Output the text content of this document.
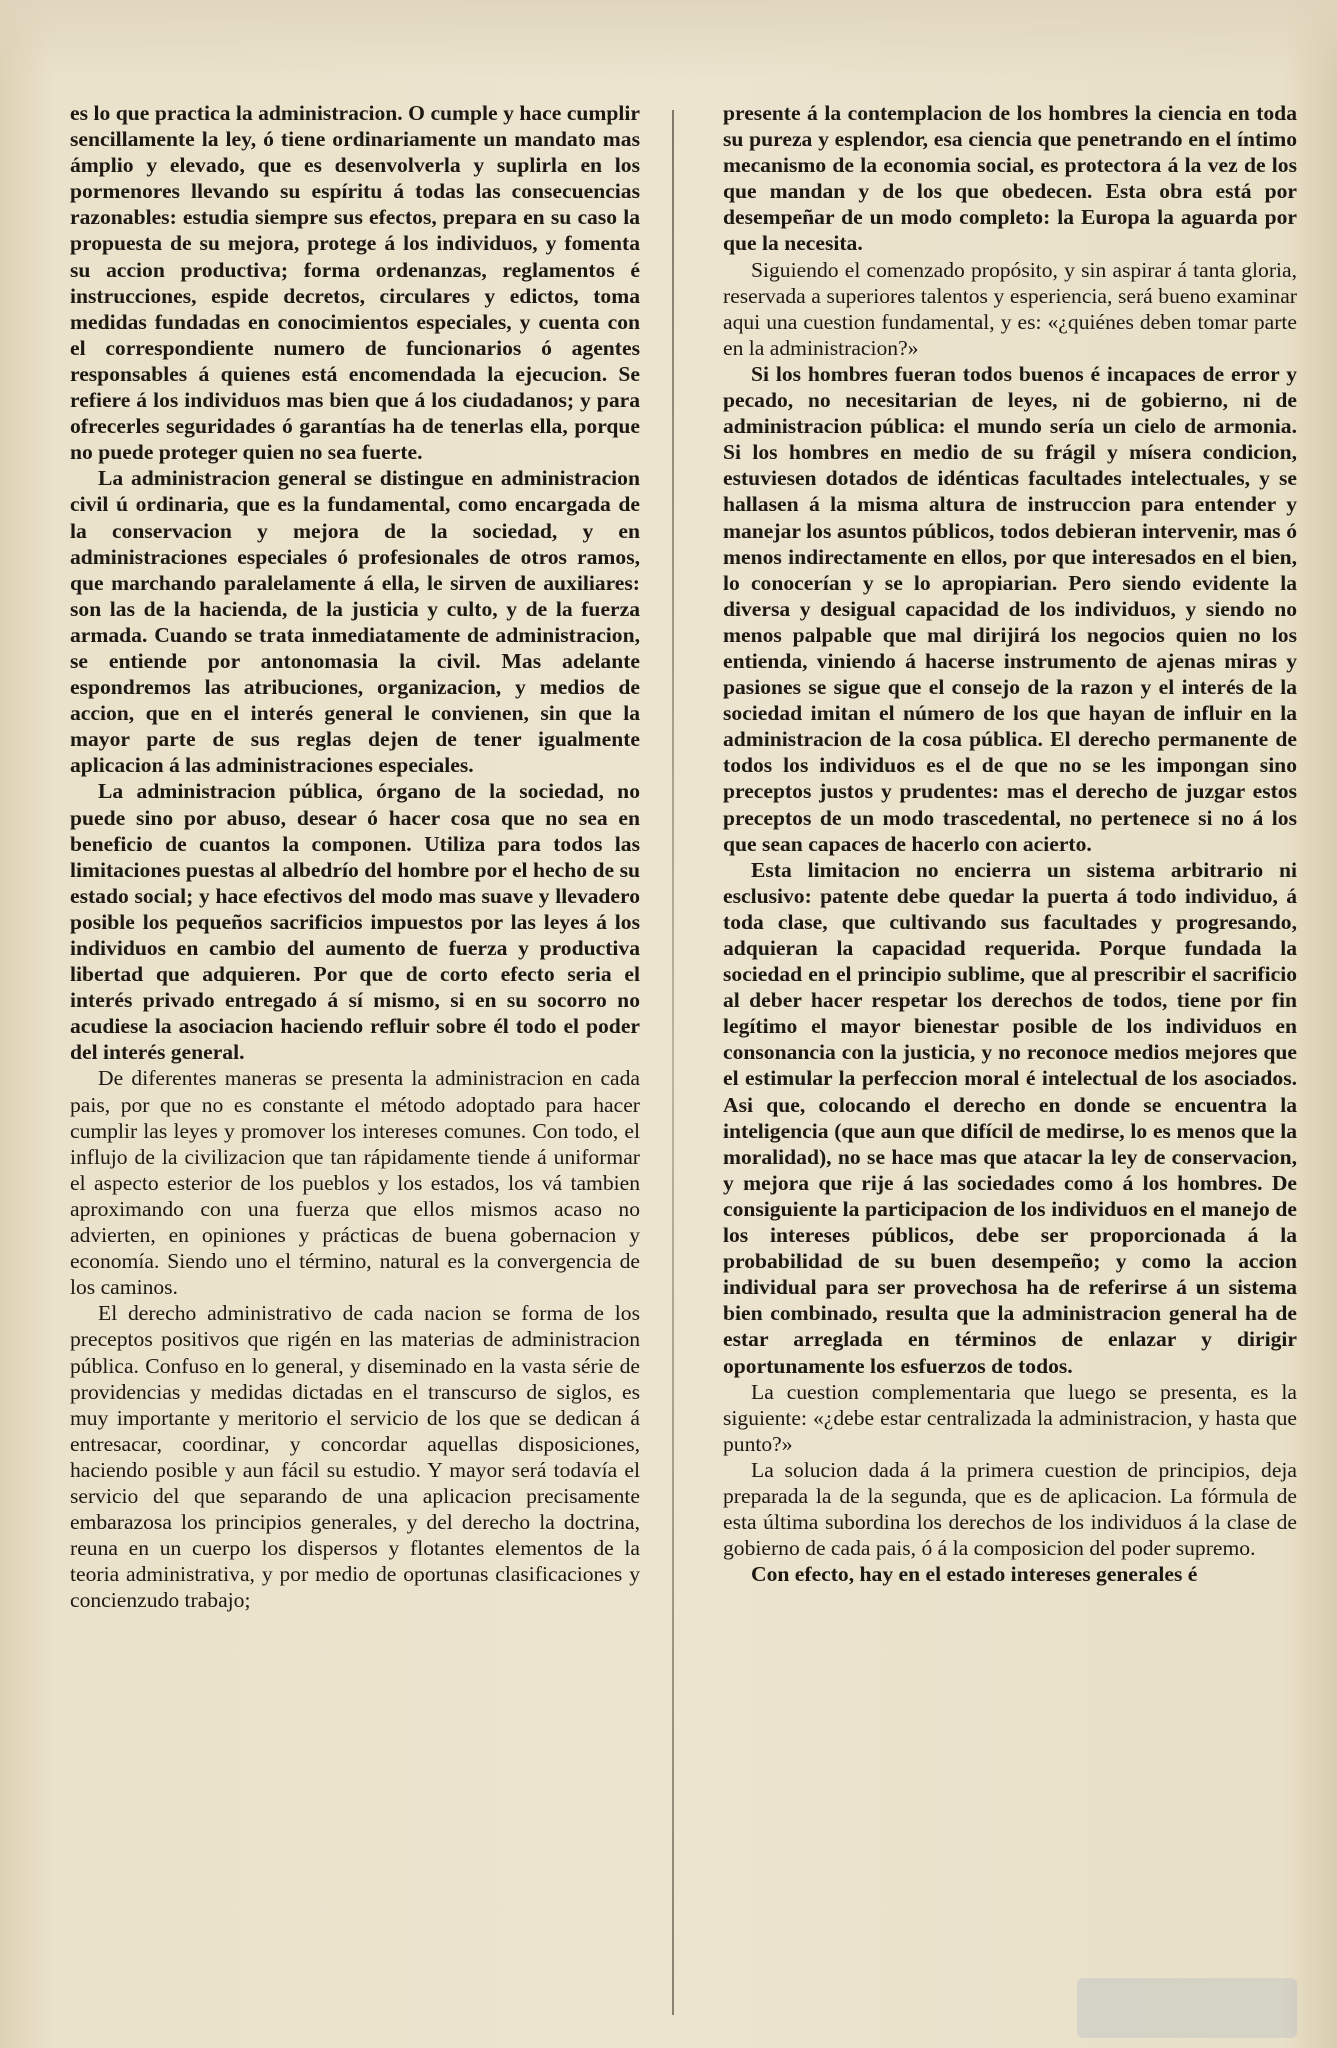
es lo que practica la administracion. O cumple y hace cumplir sencillamente la ley, ó tiene ordinariamente un mandato mas ámplio y elevado, que es desenvolverla y suplirla en los pormenores llevando su espíritu á todas las consecuencias razonables: estudia siempre sus efectos, prepara en su caso la propuesta de su mejora, protege á los individuos, y fomenta su accion productiva; forma ordenanzas, reglamentos é instrucciones, espide decretos, circulares y edictos, toma medidas fundadas en conocimientos especiales, y cuenta con el correspondiente numero de funcionarios ó agentes responsables á quienes está encomendada la ejecucion. Se refiere á los individuos mas bien que á los ciudadanos; y para ofrecerles seguridades ó garantías ha de tenerlas ella, porque no puede proteger quien no sea fuerte.

La administracion general se distingue en administracion civil ú ordinaria, que es la fundamental, como encargada de la conservacion y mejora de la sociedad, y en administraciones especiales ó profesionales de otros ramos, que marchando paralelamente á ella, le sirven de auxiliares: son las de la hacienda, de la justicia y culto, y de la fuerza armada. Cuando se trata inmediatamente de administracion, se entiende por antonomasia la civil. Mas adelante espondremos las atribuciones, organizacion, y medios de accion, que en el interés general le convienen, sin que la mayor parte de sus reglas dejen de tener igualmente aplicacion á las administraciones especiales.

La administracion pública, órgano de la sociedad, no puede sino por abuso, desear ó hacer cosa que no sea en beneficio de cuantos la componen. Utiliza para todos las limitaciones puestas al albedrío del hombre por el hecho de su estado social; y hace efectivos del modo mas suave y llevadero posible los pequeños sacrificios impuestos por las leyes á los individuos en cambio del aumento de fuerza y productiva libertad que adquieren. Por que de corto efecto seria el interés privado entregado á sí mismo, si en su socorro no acudiese la asociacion haciendo refluir sobre él todo el poder del interés general.

De diferentes maneras se presenta la administracion en cada pais, por que no es constante el método adoptado para hacer cumplir las leyes y promover los intereses comunes. Con todo, el influjo de la civilizacion que tan rápidamente tiende á uniformar el aspecto esterior de los pueblos y los estados, los vá tambien aproximando con una fuerza que ellos mismos acaso no advierten, en opiniones y prácticas de buena gobernacion y economía. Siendo uno el término, natural es la convergencia de los caminos.

El derecho administrativo de cada nacion se forma de los preceptos positivos que rigén en las materias de administracion pública. Confuso en lo general, y diseminado en la vasta série de providencias y medidas dictadas en el transcurso de siglos, es muy importante y meritorio el servicio de los que se dedican á entresacar, coordinar, y concordar aquellas disposiciones, haciendo posible y aun fácil su estudio. Y mayor será todavía el servicio del que separando de una aplicacion precisamente embarazosa los principios generales, y del derecho la doctrina, reuna en un cuerpo los dispersos y flotantes elementos de la teoria administrativa, y por medio de oportunas clasificaciones y concienzudo trabajo;

presente á la contemplacion de los hombres la ciencia en toda su pureza y esplendor, esa ciencia que penetrando en el íntimo mecanismo de la economia social, es protectora á la vez de los que mandan y de los que obedecen. Esta obra está por desempeñar de un modo completo: la Europa la aguarda por que la necesita.

Siguiendo el comenzado propósito, y sin aspirar á tanta gloria, reservada a superiores talentos y esperiencia, será bueno examinar aqui una cuestion fundamental, y es: «¿quiénes deben tomar parte en la administracion?»

Si los hombres fueran todos buenos é incapaces de error y pecado, no necesitarian de leyes, ni de gobierno, ni de administracion pública: el mundo sería un cielo de armonia. Si los hombres en medio de su frágil y mísera condicion, estuviesen dotados de idénticas facultades intelectuales, y se hallasen á la misma altura de instruccion para entender y manejar los asuntos públicos, todos debieran intervenir, mas ó menos indirectamente en ellos, por que interesados en el bien, lo conocerían y se lo apropiarian. Pero siendo evidente la diversa y desigual capacidad de los individuos, y siendo no menos palpable que mal dirijirá los negocios quien no los entienda, viniendo á hacerse instrumento de ajenas miras y pasiones se sigue que el consejo de la razon y el interés de la sociedad imitan el número de los que hayan de influir en la administracion de la cosa pública. El derecho permanente de todos los individuos es el de que no se les impongan sino preceptos justos y prudentes: mas el derecho de juzgar estos preceptos de un modo trascedental, no pertenece si no á los que sean capaces de hacerlo con acierto.

Esta limitacion no encierra un sistema arbitrario ni esclusivo: patente debe quedar la puerta á todo individuo, á toda clase, que cultivando sus facultades y progresando, adquieran la capacidad requerida. Porque fundada la sociedad en el principio sublime, que al prescribir el sacrificio al deber hacer respetar los derechos de todos, tiene por fin legítimo el mayor bienestar posible de los individuos en consonancia con la justicia, y no reconoce medios mejores que el estimular la perfeccion moral é intelectual de los asociados. Asi que, colocando el derecho en donde se encuentra la inteligencia (que aun que difícil de medirse, lo es menos que la moralidad), no se hace mas que atacar la ley de conservacion, y mejora que rije á las sociedades como á los hombres. De consiguiente la participacion de los individuos en el manejo de los intereses públicos, debe ser proporcionada á la probabilidad de su buen desempeño; y como la accion individual para ser provechosa ha de referirse á un sistema bien combinado, resulta que la administracion general ha de estar arreglada en términos de enlazar y dirigir oportunamente los esfuerzos de todos.

La cuestion complementaria que luego se presenta, es la siguiente: «¿debe estar centralizada la administracion, y hasta que punto?»

La solucion dada á la primera cuestion de principios, deja preparada la de la segunda, que es de aplicacion. La fórmula de esta última subordina los derechos de los individuos á la clase de gobierno de cada pais, ó á la composicion del poder supremo.

Con efecto, hay en el estado intereses generales é
